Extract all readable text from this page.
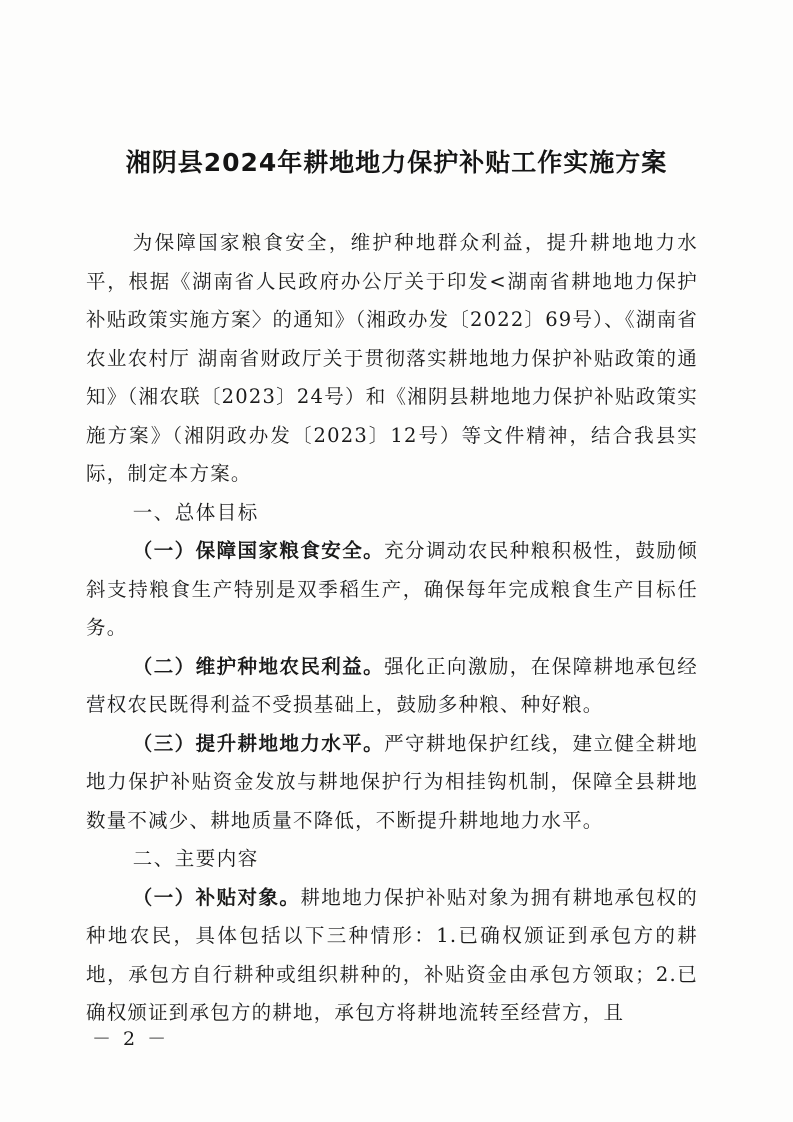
湘阴县2024年耕地地力保护补贴工作实施方案

为保障国家粮食安全，维护种地群众利益，提升耕地地力水平，根据《湖南省人民政府办公厅关于印发<湖南省耕地地力保护补贴政策实施方案〉的通知》（湘政办发〔2022〕69号）、《湖南省农业农村厅 湖南省财政厅关于贯彻落实耕地地力保护补贴政策的通知》（湘农联〔2023〕24号）和《湘阴县耕地地力保护补贴政策实施方案》（湘阴政办发〔2023〕12号）等文件精神，结合我县实际，制定本方案。

一、总体目标

（一）保障国家粮食安全。充分调动农民种粮积极性，鼓励倾斜支持粮食生产特别是双季稻生产，确保每年完成粮食生产目标任务。

（二）维护种地农民利益。强化正向激励，在保障耕地承包经营权农民既得利益不受损基础上，鼓励多种粮、种好粮。

（三）提升耕地地力水平。严守耕地保护红线，建立健全耕地地力保护补贴资金发放与耕地保护行为相挂钩机制，保障全县耕地数量不减少、耕地质量不降低，不断提升耕地地力水平。

二、主要内容

（一）补贴对象。耕地地力保护补贴对象为拥有耕地承包权的种地农民，具体包括以下三种情形：1.已确权颁证到承包方的耕地，承包方自行耕种或组织耕种的，补贴资金由承包方领取；2.已确权颁证到承包方的耕地，承包方将耕地流转至经营方，且

－ 2 －
